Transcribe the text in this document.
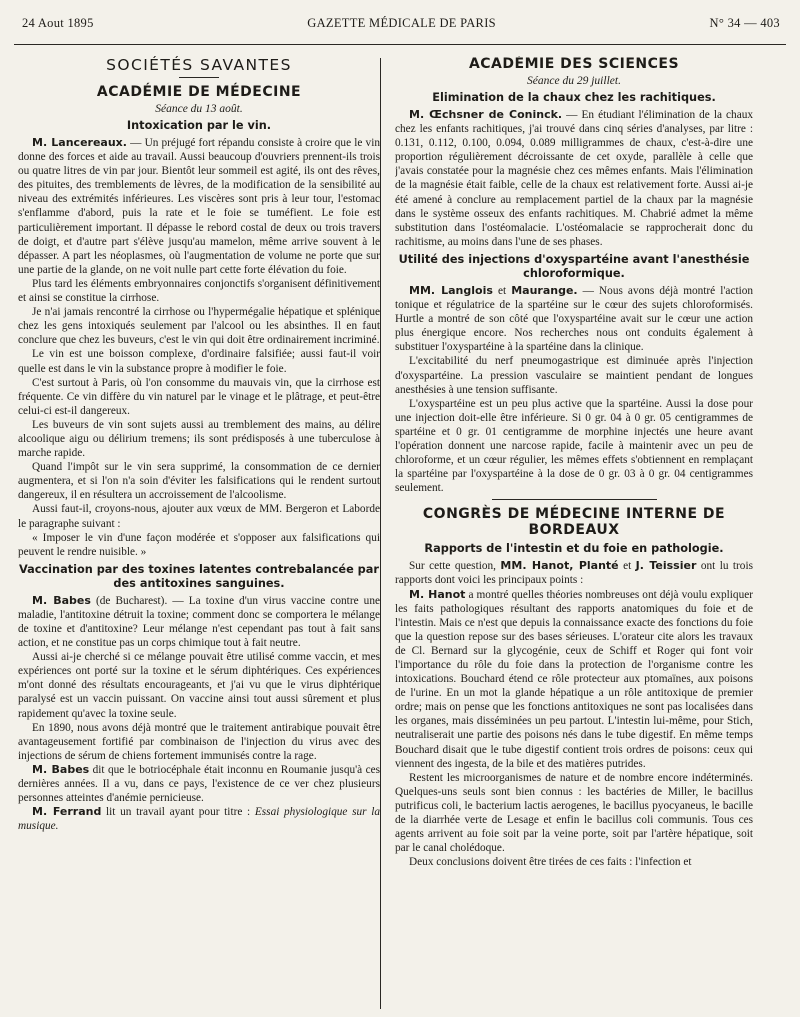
24 Aout 1895	GAZETTE MÉDICALE DE PARIS	N° 34 — 403
SOCIÉTÉS SAVANTES
ACADÉMIE DE MÉDECINE
Séance du 13 août.
Intoxication par le vin.

M. Lancereaux. — Un préjugé fort répandu consiste à croire que le vin donne des forces et aide au travail. Aussi beaucoup d'ouvriers prennent-ils trois ou quatre litres de vin par jour. Bientôt leur sommeil est agité, ils ont des rêves, des pituites, des tremblements de lèvres, de la modification de la sensibilité au niveau des extrémités inférieures. Les viscères sont pris à leur tour, l'estomac s'enflamme d'abord, puis la rate et le foie se tuméfient. Le foie est particulièrement important. Il dépasse le rebord costal de deux ou trois travers de doigt, et d'autre part s'élève jusqu'au mamelon, même arrive souvent à le dépasser. A part les néoplasmes, où l'augmentation de volume ne porte que sur une partie de la glande, on ne voit nulle part cette forte élévation du foie.

Plus tard les éléments embryonnaires conjonctifs s'organisent définitivement et ainsi se constitue la cirrhose.

Je n'ai jamais rencontré la cirrhose ou l'hypermégalie hépatique et splénique chez les gens intoxiqués seulement par l'alcool ou les absinthes. Il en faut conclure que chez les buveurs, c'est le vin qui doit être ordinairement incriminé.

Le vin est une boisson complexe, d'ordinaire falsifiée; aussi faut-il voir quelle est dans le vin la substance propre à modifier le foie.

C'est surtout à Paris, où l'on consomme du mauvais vin, que la cirrhose est fréquente. Ce vin diffère du vin naturel par le vinage et le plâtrage, et peut-être celui-ci est-il dangereux.

Les buveurs de vin sont sujets aussi au tremblement des mains, au délire alcoolique aigu ou délirium tremens; ils sont prédisposés à une tuberculose à marche rapide.

Quand l'impôt sur le vin sera supprimé, la consommation de ce dernier augmentera, et si l'on n'a soin d'éviter les falsifications qui le rendent surtout dangereux, il en résultera un accroissement de l'alcoolisme.

Aussi faut-il, croyons-nous, ajouter aux vœux de MM. Bergeron et Laborde le paragraphe suivant :

« Imposer le vin d'une façon modérée et s'opposer aux falsifications qui peuvent le rendre nuisible. »

Vaccination par des toxines latentes contrebalancée par des antitoxines sanguines.

M. Babes (de Bucharest). — La toxine d'un virus vaccine contre une maladie, l'antitoxine détruit la toxine; comment donc se comportera le mélange de toxine et d'antitoxine? Leur mélange n'est cependant pas tout à fait sans action, et ne constitue pas un corps chimique tout à fait neutre.

Aussi ai-je cherché si ce mélange pouvait être utilisé comme vaccin, et mes expériences ont porté sur la toxine et le sérum diphtériques. Ces expériences m'ont donné des résultats encourageants, et j'ai vu que le virus diphtérique paralysé est un vaccin puissant. On vaccine ainsi tout aussi sûrement et plus rapidement qu'avec la toxine seule.

En 1890, nous avons déjà montré que le traitement antirabique pouvait être avantageusement fortifié par combinaison de l'injection du virus avec des injections de sérum de chiens fortement immunisés contre la rage.

M. Babes dit que le botriocéphale était inconnu en Roumanie jusqu'à ces dernières années. Il a vu, dans ce pays, l'existence de ce ver chez plusieurs personnes atteintes d'anémie pernicieuse.

M. Ferrand lit un travail ayant pour titre : Essai physiologique sur la musique.

ACADÉMIE DES SCIENCES
Séance du 29 juillet.
Elimination de la chaux chez les rachitiques.

M. Œchsner de Coninck. — En étudiant l'élimination de la chaux chez les enfants rachitiques, j'ai trouvé dans cinq séries d'analyses, par litre : 0.131, 0.112, 0.100, 0.094, 0.089 milligrammes de chaux, c'est-à-dire une proportion régulièrement décroissante de cet oxyde, parallèle à celle que j'avais constatée pour la magnésie chez ces mêmes enfants. Mais l'élimination de la magnésie était faible, celle de la chaux est relativement forte. Aussi ai-je été amené à conclure au remplacement partiel de la chaux par la magnésie dans le système osseux des enfants rachitiques. M. Chabrié admet la même substitution dans l'ostéomalacie. L'ostéomalacie se rapprocherait donc du rachitisme, au moins dans l'une de ses phases.

Utilité des injections d'oxyspartéine avant l'anesthésie chloroformique.

MM. Langlois et Maurange. — Nous avons déjà montré l'action tonique et régulatrice de la spartéine sur le cœur des sujets chloroformisés. Hurtle a montré de son côté que l'oxyspartéine avait sur le cœur une action plus énergique encore. Nos recherches nous ont conduits également à substituer l'oxyspartéine à la spartéine dans la clinique.

L'excitabilité du nerf pneumogastrique est diminuée après l'injection d'oxyspartéine. La pression vasculaire se maintient pendant de longues anesthésies à une tension suffisante.

L'oxyspartéine est un peu plus active que la spartéine. Aussi la dose pour une injection doit-elle être inférieure. Si 0 gr. 04 à 0 gr. 05 centigrammes de spartéine et 0 gr. 01 centigramme de morphine injectés une heure avant l'opération donnent une narcose rapide, facile à maintenir avec un peu de chloroforme, et un cœur régulier, les mêmes effets s'obtiennent en remplaçant la spartéine par l'oxyspartéine à la dose de 0 gr. 03 à 0 gr. 04 centigrammes seulement.

CONGRÈS DE MÉDECINE INTERNE DE BORDEAUX
Rapports de l'intestin et du foie en pathologie.

Sur cette question, MM. Hanot, Planté et J. Teissier ont lu trois rapports dont voici les principaux points :

M. Hanot a montré quelles théories nombreuses ont déjà voulu expliquer les faits pathologiques résultant des rapports anatomiques du foie et de l'intestin. Mais ce n'est que depuis la connaissance exacte des fonctions du foie que la question repose sur des bases sérieuses. L'orateur cite alors les travaux de Cl. Bernard sur la glycogénie, ceux de Schiff et Roger qui font voir l'importance du rôle du foie dans la protection de l'organisme contre les intoxications. Bouchard étend ce rôle protecteur aux ptomaïnes, aux poisons de l'urine. En un mot la glande hépatique a un rôle antitoxique de premier ordre; mais on pense que les fonctions antitoxiques ne sont pas localisées dans les organes, mais disséminées un peu partout. L'intestin lui-même, pour Stich, neutraliserait une partie des poisons nés dans le tube digestif. En même temps Bouchard disait que le tube digestif contient trois ordres de poisons: ceux qui viennent des ingesta, de la bile et des matières putrides.

Restent les microorganismes de nature et de nombre encore indéterminés. Quelques-uns seuls sont bien connus : les bactéries de Miller, le bacillus putrificus coli, le bacterium lactis aerogenes, le bacillus pyocyaneus, le bacille de la diarrhée verte de Lesage et enfin le bacillus coli communis. Tous ces agents arrivent au foie soit par la veine porte, soit par l'artère hépatique, soit par le canal cholédoque.

Deux conclusions doivent être tirées de ces faits : l'infection et
